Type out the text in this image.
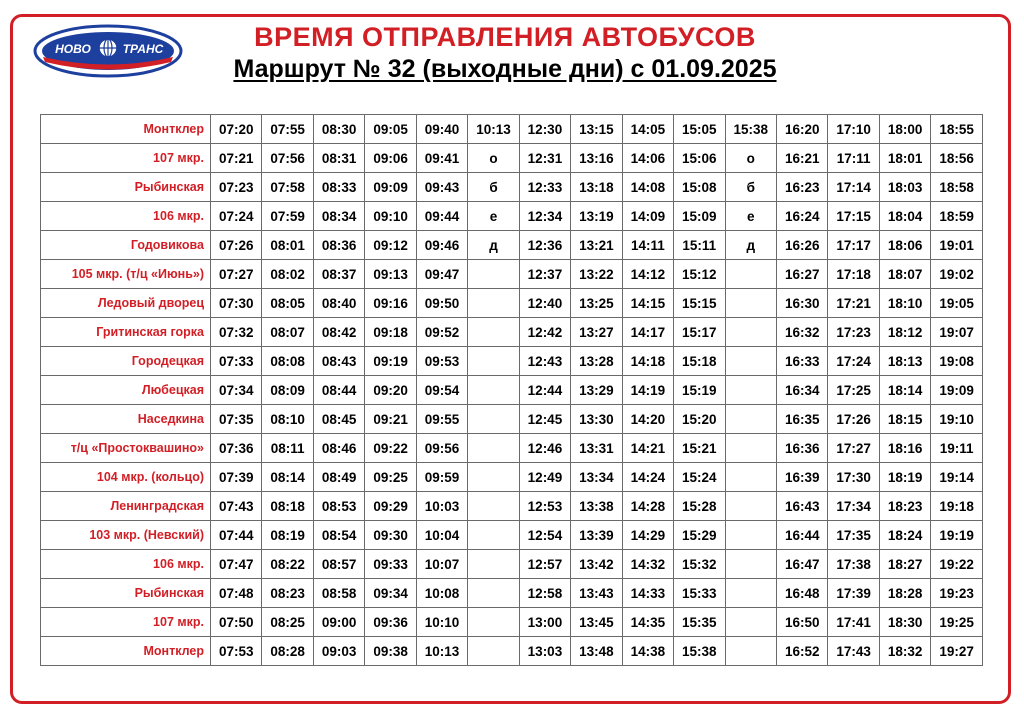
НОВО	ТРАНС	ВРЕМЯ ОТПРАВЛЕНИЯ АВТОБУСОВ
Маршрут № 32 (выходные дни) с 01.09.2025
Монтклер	07:20	07:55	08:30	09:05	09:40	10:13	12:30	13:15	14:05	15:05	15:38	16:20	17:10	18:00	18:55
107 мкр.	07:21	07:56	08:31	09:06	09:41	о	12:31	13:16	14:06	15:06	о	16:21	17:11	18:01	18:56
Рыбинская	07:23	07:58	08:33	09:09	09:43	б	12:33	13:18	14:08	15:08	б	16:23	17:14	18:03	18:58
106 мкр.	07:24	07:59	08:34	09:10	09:44	е	12:34	13:19	14:09	15:09	е	16:24	17:15	18:04	18:59
Годовикова	07:26	08:01	08:36	09:12	09:46	д	12:36	13:21	14:11	15:11	д	16:26	17:17	18:06	19:01
105 мкр. (т/ц «Июнь»)	07:27	08:02	08:37	09:13	09:47		12:37	13:22	14:12	15:12		16:27	17:18	18:07	19:02
Ледовый дворец	07:30	08:05	08:40	09:16	09:50		12:40	13:25	14:15	15:15		16:30	17:21	18:10	19:05
Гритинская горка	07:32	08:07	08:42	09:18	09:52		12:42	13:27	14:17	15:17		16:32	17:23	18:12	19:07
Городецкая	07:33	08:08	08:43	09:19	09:53		12:43	13:28	14:18	15:18		16:33	17:24	18:13	19:08
Любецкая	07:34	08:09	08:44	09:20	09:54		12:44	13:29	14:19	15:19		16:34	17:25	18:14	19:09
Наседкина	07:35	08:10	08:45	09:21	09:55		12:45	13:30	14:20	15:20		16:35	17:26	18:15	19:10
т/ц «Простоквашино»	07:36	08:11	08:46	09:22	09:56		12:46	13:31	14:21	15:21		16:36	17:27	18:16	19:11
104 мкр. (кольцо)	07:39	08:14	08:49	09:25	09:59		12:49	13:34	14:24	15:24		16:39	17:30	18:19	19:14
Ленинградская	07:43	08:18	08:53	09:29	10:03		12:53	13:38	14:28	15:28		16:43	17:34	18:23	19:18
103 мкр. (Невский)	07:44	08:19	08:54	09:30	10:04		12:54	13:39	14:29	15:29		16:44	17:35	18:24	19:19
106 мкр.	07:47	08:22	08:57	09:33	10:07		12:57	13:42	14:32	15:32		16:47	17:38	18:27	19:22
Рыбинская	07:48	08:23	08:58	09:34	10:08		12:58	13:43	14:33	15:33		16:48	17:39	18:28	19:23
107 мкр.	07:50	08:25	09:00	09:36	10:10		13:00	13:45	14:35	15:35		16:50	17:41	18:30	19:25
Монтклер	07:53	08:28	09:03	09:38	10:13		13:03	13:48	14:38	15:38		16:52	17:43	18:32	19:27
